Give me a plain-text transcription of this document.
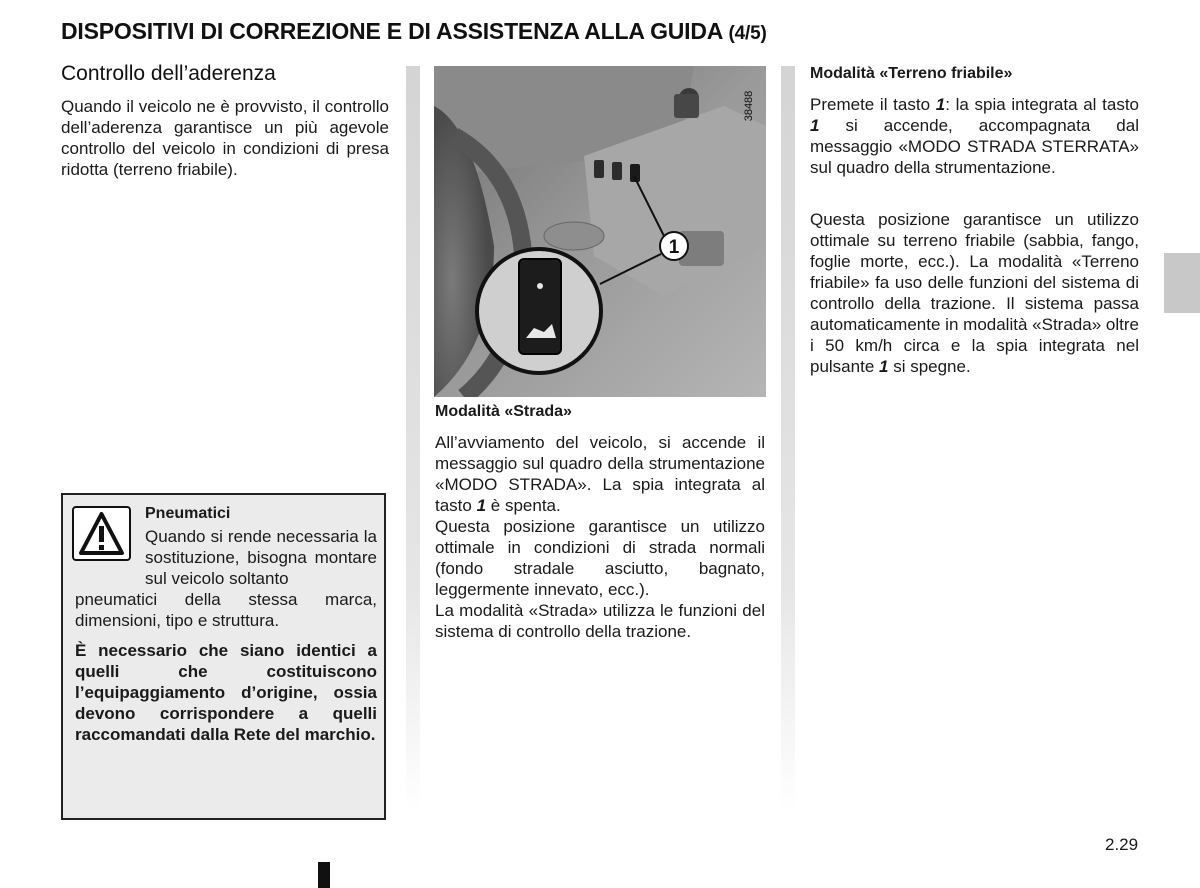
DISPOSITIVI DI CORREZIONE E DI ASSISTENZA ALLA GUIDA (4/5)
Controllo dell’aderenza
Quando il veicolo ne è provvisto, il controllo dell’aderenza garantisce un più agevole controllo del veicolo in condizioni di presa ridotta (terreno friabile).
Pneumatici
Quando si rende necessaria la sostituzione, bisogna montare sul veicolo soltanto
pneumatici della stessa marca, dimensioni, tipo e struttura.
È necessario che siano identici a quelli che costituiscono l’equipaggiamento d’origine, ossia devono corrispondere a quelli raccomandati dalla Rete del marchio.
1
38488
Modalità «Strada»

All’avviamento del veicolo, si accende il messaggio sul quadro della strumentazione «MODO STRADA». La spia integrata al tasto 1 è spenta.

Questa posizione garantisce un utilizzo ottimale in condizioni di strada normali (fondo stradale asciutto, bagnato, leggermente innevato, ecc.).

La modalità «Strada» utilizza le funzioni del sistema di controllo della trazione.

Modalità «Terreno friabile»
Premete il tasto 1: la spia integrata al tasto 1 si accende, accompagnata dal messaggio «MODO STRADA STERRATA» sul quadro della strumentazione.
Questa posizione garantisce un utilizzo ottimale su terreno friabile (sabbia, fango, foglie morte, ecc.). La modalità «Terreno friabile» fa uso delle funzioni del sistema di controllo della trazione. Il sistema passa automaticamente in modalità «Strada» oltre i 50 km/h circa e la spia integrata nel pulsante 1 si spegne.
2.29
